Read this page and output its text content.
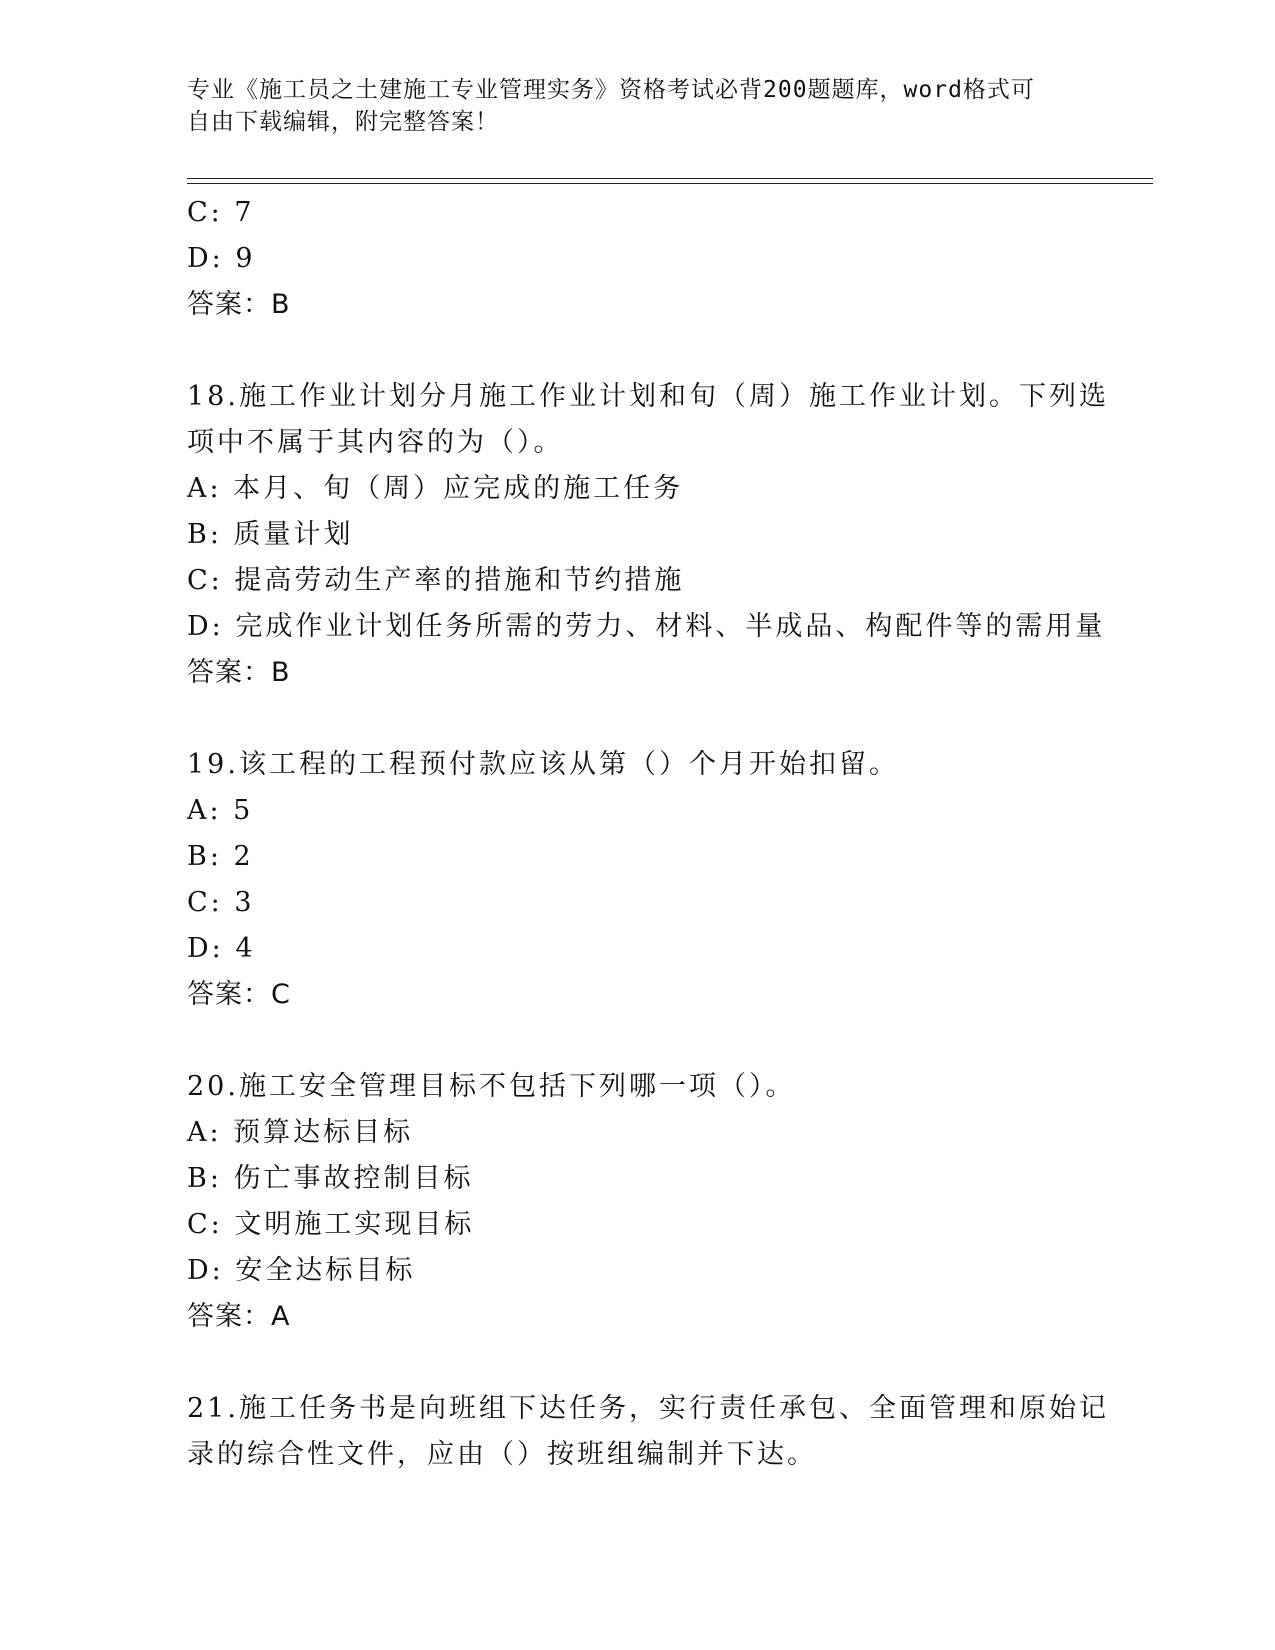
专业《施工员之土建施工专业管理实务》资格考试必背200题题库，word格式可
自由下载编辑，附完整答案！
C: 7
D: 9
答案：B
18.施工作业计划分月施工作业计划和旬（周）施工作业计划。下列选
项中不属于其内容的为（）。
A: 本月、旬（周）应完成的施工任务
B: 质量计划
C: 提高劳动生产率的措施和节约措施
D: 完成作业计划任务所需的劳力、材料、半成品、构配件等的需用量
答案：B
19.该工程的工程预付款应该从第（）个月开始扣留。
A: 5
B: 2
C: 3
D: 4
答案：C
20.施工安全管理目标不包括下列哪一项（）。
A: 预算达标目标
B: 伤亡事故控制目标
C: 文明施工实现目标
D: 安全达标目标
答案：A
21.施工任务书是向班组下达任务，实行责任承包、全面管理和原始记
录的综合性文件，应由（）按班组编制并下达。
